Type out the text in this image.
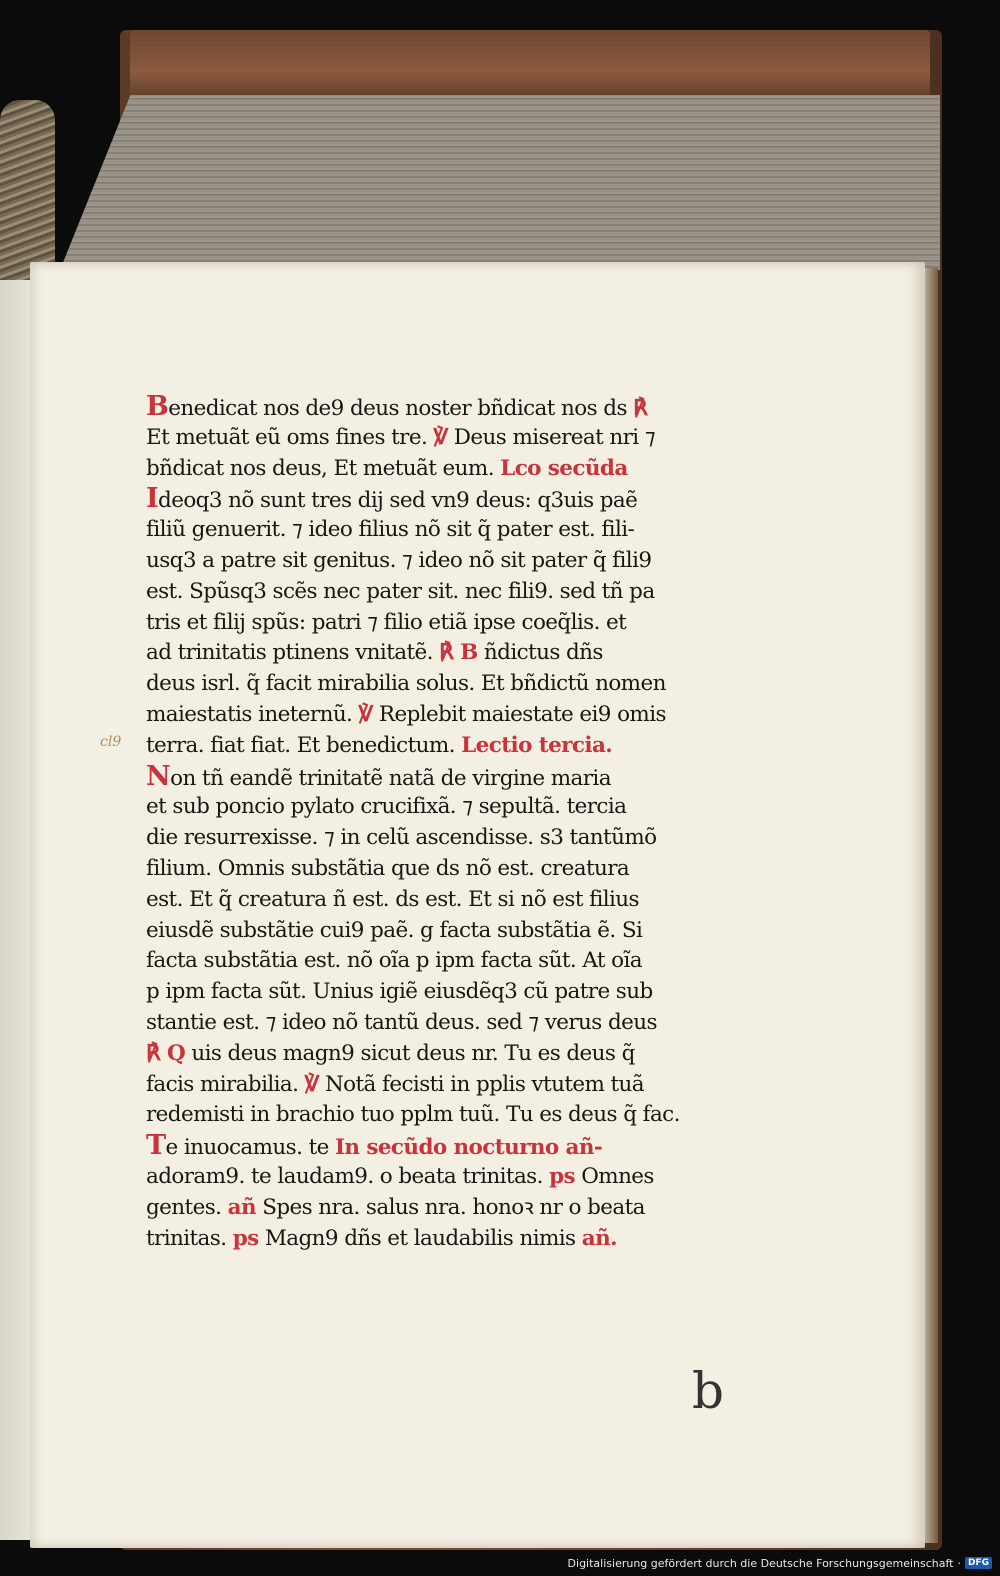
cl9
Benedicat nos de9 deus noster bñdicat nos ds ℟
Et metuãt eũ oms fines tre. ℣ Deus misereat nri ⁊
bñdicat nos deus, Et metuãt eum. Lco secũda
Ideoq3 nõ sunt tres dij sed vn9 deus: q3uis paẽ
filiũ genuerit. ⁊ ideo filius nõ sit q̃ pater est. fili-
usq3 a patre sit genitus. ⁊ ideo nõ sit pater q̃ fili9
est. Spũsq3 scẽs nec pater sit. nec fili9. sed tñ pa
tris et filij spũs: patri ⁊ filio etiã ipse coeq̃lis. et
ad trinitatis ptinens vnitatẽ. ℟ B ñdictus dñs
deus isrl. q̃ facit mirabilia solus. Et bñdictũ nomen
maiestatis ineternũ. ℣ Replebit maiestate ei9 omis
terra. fiat fiat. Et benedictum. Lectio tercia.
Non tñ eandẽ trinitatẽ natã de virgine maria
et sub poncio pylato crucifixã. ⁊ sepultã. tercia
die resurrexisse. ⁊ in celũ ascendisse. s3 tantũmõ
filium. Omnis substãtia que ds nõ est. creatura
est. Et q̃ creatura ñ est. ds est. Et si nõ est filius
eiusdẽ substãtie cui9 paẽ. g facta substãtia ẽ. Si
facta substãtia est. nõ oĩa p ipm facta sũt. At oĩa
p ipm facta sũt. Unius igiẽ eiusdẽq3 cũ patre sub
stantie est. ⁊ ideo nõ tantũ deus. sed ⁊ verus deus
℟ Q uis deus magn9 sicut deus nr. Tu es deus q̃
facis mirabilia. ℣ Notã fecisti in pplis vtutem tuã
redemisti in brachio tuo pplm tuũ. Tu es deus q̃ fac.
Te inuocamus. te In secũdo nocturno añ-
adoram9. te laudam9. o beata trinitas. ps Omnes
gentes. añ Spes nra. salus nra. honoꝛ nr o beata
trinitas. ps Magn9 dñs et laudabilis nimis añ.
b
Digitalisierung gefördert durch die Deutsche Forschungsgemeinschaft · DFG
